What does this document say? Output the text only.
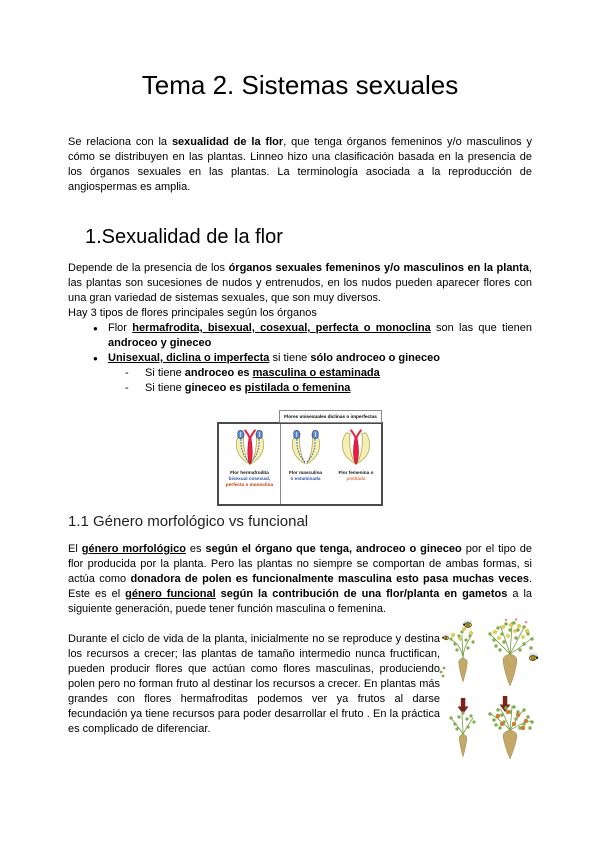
Tema 2. Sistemas sexuales
Se relaciona con la sexualidad de la flor, que tenga órganos femeninos y/o masculinos y cómo se distribuyen en las plantas. Linneo hizo una clasificación basada en la presencia de los órganos sexuales en las plantas. La terminología asociada a la reproducción de angiospermas es amplia.
1.Sexualidad de la flor
Depende de la presencia de los órganos sexuales femeninos y/o masculinos en la planta, las plantas son sucesiones de nudos y entrenudos, en los nudos pueden aparecer flores con una gran variedad de sistemas sexuales, que son muy diversos.
Hay 3 tipos de flores principales según los órganos
● Flor hermafrodita, bisexual, cosexual, perfecta o monoclina son las que tienen androceo y gineceo
● Unisexual, diclina o imperfecta si tiene sólo androceo o gineceo
- Si tiene androceo es masculina o estaminada
- Si tiene gineceo es pistilada o femenina
Flores unisexuales diclinas o imperfectas
Flor hermafrodita
bisexual cosexual,
perfecta o monoclina
Flor masculina
o estaminada
Flor femenina o
pistilada
1.1 Género morfológico vs funcional
El género morfológico es según el órgano que tenga, androceo o gineceo por el tipo de flor producida por la planta. Pero las plantas no siempre se comportan de ambas formas, si actúa como donadora de polen es funcionalmente masculina esto pasa muchas veces. Este es el género funcional según la contribución de una flor/planta en gametos a la siguiente generación, puede tener función masculina o femenina.
Durante el ciclo de vida de la planta, inicialmente no se reproduce y destina los recursos a crecer; las plantas de tamaño intermedio nunca fructifican, pueden producir flores que actúan como flores masculinas, produciendo polen pero no forman fruto al destinar los recursos a crecer. En plantas más grandes con flores hermafroditas podemos ver ya frutos al darse fecundación ya tiene recursos para poder desarrollar el fruto . En la práctica es complicado de diferenciar.
